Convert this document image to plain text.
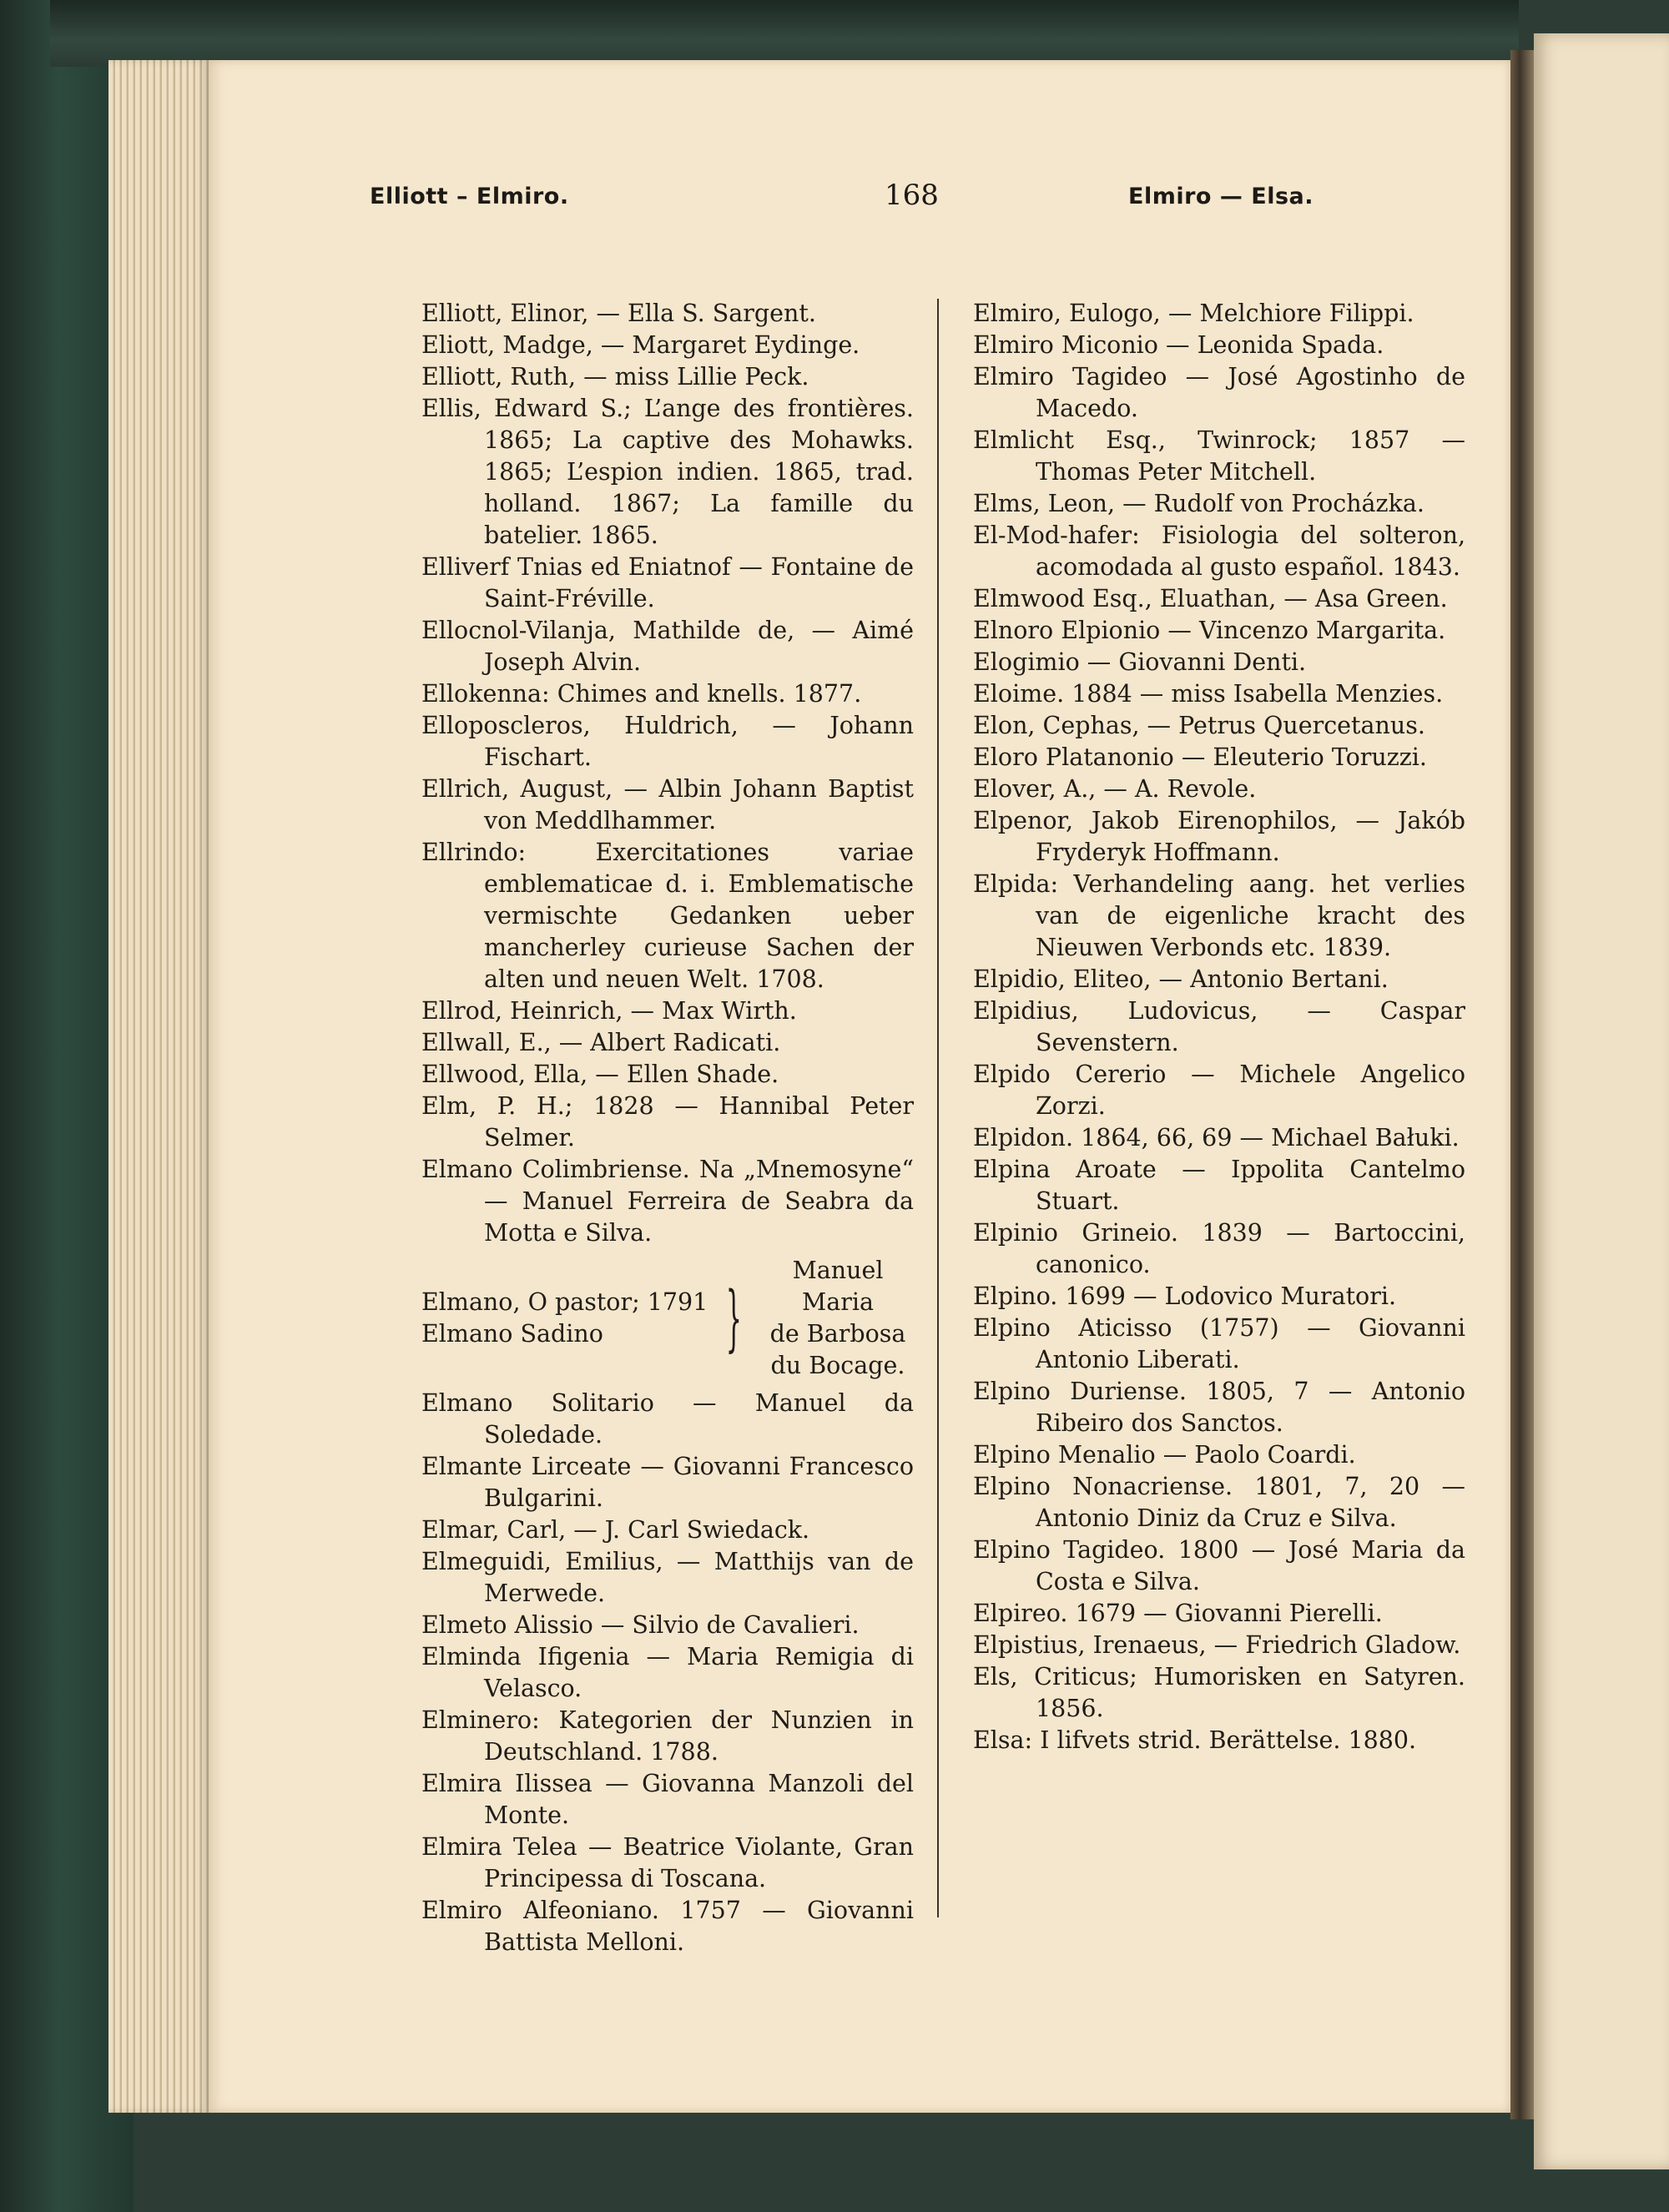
Elliott – Elmiro.	168	Elmiro — Elsa.

Elliott, Elinor, — Ella S. Sargent.

Eliott, Madge, — Margaret Eydinge.

Elliott, Ruth, — miss Lillie Peck.

Ellis, Edward S.; L’ange des frontières. 1865; La captive des Mohawks. 1865; L’espion indien. 1865, trad. holland. 1867; La famille du batelier. 1865.

Elliverf Tnias ed Eniatnof — Fontaine de Saint-Fréville.

Ellocnol-Vilanja, Mathilde de, — Aimé Joseph Alvin.

Ellokenna: Chimes and knells. 1877.

Elloposcleros, Huldrich, — Johann Fischart.

Ellrich, August, — Albin Johann Baptist von Meddlhammer.

Ellrindo: Exercitationes variae emblematicae d. i. Emblematische vermischte Gedanken ueber mancherley curieuse Sachen der alten und neuen Welt. 1708.

Ellrod, Heinrich, — Max Wirth.

Ellwall, E., — Albert Radicati.

Ellwood, Ella, — Ellen Shade.

Elm, P. H.; 1828 — Hannibal Peter Selmer.

Elmano Colimbriense. Na „Mnemosyne“ — Manuel Ferreira de Seabra da Motta e Silva.

Elmano, O pastor; 1791
Elmano Sadino	}
Manuel Maria
de Barbosa
du Bocage.

Elmano Solitario — Manuel da Soledade.

Elmante Lirceate — Giovanni Francesco Bulgarini.

Elmar, Carl, — J. Carl Swiedack.

Elmeguidi, Emilius, — Matthijs van de Merwede.

Elmeto Alissio — Silvio de Cavalieri.

Elminda Ifigenia — Maria Remigia di Velasco.

Elminero: Kategorien der Nunzien in Deutschland. 1788.

Elmira Ilissea — Giovanna Manzoli del Monte.

Elmira Telea — Beatrice Violante, Gran Principessa di Toscana.

Elmiro Alfeoniano. 1757 — Giovanni Battista Melloni.

Elmiro, Eulogo, — Melchiore Filippi.

Elmiro Miconio — Leonida Spada.

Elmiro Tagideo — José Agostinho de Macedo.

Elmlicht Esq., Twinrock; 1857 — Thomas Peter Mitchell.

Elms, Leon, — Rudolf von Procházka.

El-Mod-hafer: Fisiologia del solteron, acomodada al gusto español. 1843.

Elmwood Esq., Eluathan, — Asa Green.

Elnoro Elpionio — Vincenzo Margarita.

Elogimio — Giovanni Denti.

Eloime. 1884 — miss Isabella Menzies.

Elon, Cephas, — Petrus Quercetanus.

Eloro Platanonio — Eleuterio Toruzzi.

Elover, A., — A. Revole.

Elpenor, Jakob Eirenophilos, — Jakób Fryderyk Hoffmann.

Elpida: Verhandeling aang. het verlies van de eigenliche kracht des Nieuwen Verbonds etc. 1839.

Elpidio, Eliteo, — Antonio Bertani.

Elpidius, Ludovicus, — Caspar Sevenstern.

Elpido Cererio — Michele Angelico Zorzi.

Elpidon. 1864, 66, 69 — Michael Bałuki.

Elpina Aroate — Ippolita Cantelmo Stuart.

Elpinio Grineio. 1839 — Bartoccini, canonico.

Elpino. 1699 — Lodovico Muratori.

Elpino Aticisso (1757) — Giovanni Antonio Liberati.

Elpino Duriense. 1805, 7 — Antonio Ribeiro dos Sanctos.

Elpino Menalio — Paolo Coardi.

Elpino Nonacriense. 1801, 7, 20 — Antonio Diniz da Cruz e Silva.

Elpino Tagideo. 1800 — José Maria da Costa e Silva.

Elpireo. 1679 — Giovanni Pierelli.

Elpistius, Irenaeus, — Friedrich Gladow.

Els, Criticus; Humorisken en Satyren. 1856.

Elsa: I lifvets strid. Berättelse. 1880.
